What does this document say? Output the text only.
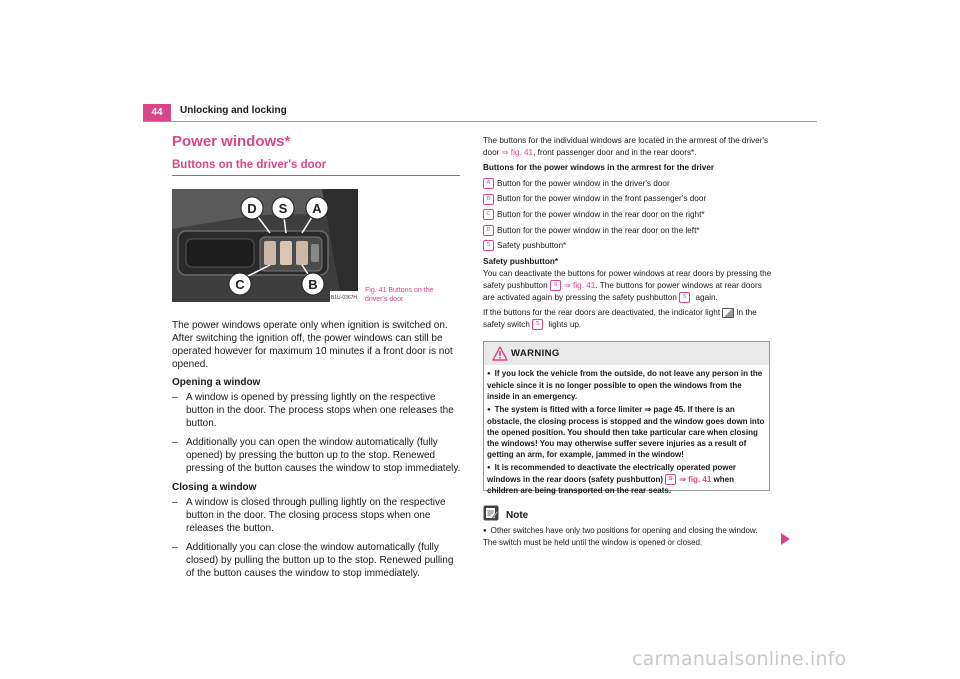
44	Unlocking and locking
Power windows*
Buttons on the driver's door
D S A
C	B
B1U-0367H
Fig. 41 Buttons on the
driver's door

The power windows operate only when ignition is switched on. After switching the ignition off, the power windows can still be operated however for maximum 10 minutes if a front door is not opened.

Opening a window
– A window is opened by pressing lightly on the respective button in the door. The process stops when one releases the button.
– Additionally you can open the window automatically (fully opened) by pressing the button up to the stop. Renewed pressing of the button causes the window to stop immediately.
Closing a window
– A window is closed through pulling lightly on the respective button in the door. The closing process stops when one releases the button.
– Additionally you can close the window automatically (fully closed) by pulling the button up to the stop. Renewed pulling of the button causes the window to stop immediately.

The buttons for the individual windows are located in the armrest of the driver's door ⇒ fig. 41, front passenger door and in the rear doors*.

Buttons for the power windows in the armrest for the driver

A Button for the power window in the driver's door
B Button for the power window in the front passenger's door
C Button for the power window in the rear door on the right*
D Button for the power window in the rear door on the left*
S Safety pushbutton*

Safety pushbutton*

You can deactivate the buttons for power windows at rear doors by pressing the safety pushbutton S ⇒ fig. 41. The buttons for power windows at rear doors are activated again by pressing the safety pushbutton S again.

If the buttons for the rear doors are deactivated, the indicator light  in the safety switch S lights up.

WARNING

● If you lock the vehicle from the outside, do not leave any person in the vehicle since it is no longer possible to open the windows from the inside in an emergency.

● The system is fitted with a force limiter ⇒ page 45. If there is an obstacle, the closing process is stopped and the window goes down into the opened position. You should then take particular care when closing the windows! You may otherwise suffer severe injuries as a result of getting an arm, for example, jammed in the window!

● It is recommended to deactivate the electrically operated power windows in the rear doors (safety pushbutton) S ⇒ fig. 41 when children are being transported on the rear seats.

Note
● Other switches have only two positions for opening and closing the window. The switch must be held until the window is opened or closed.
carmanualsonline.info
